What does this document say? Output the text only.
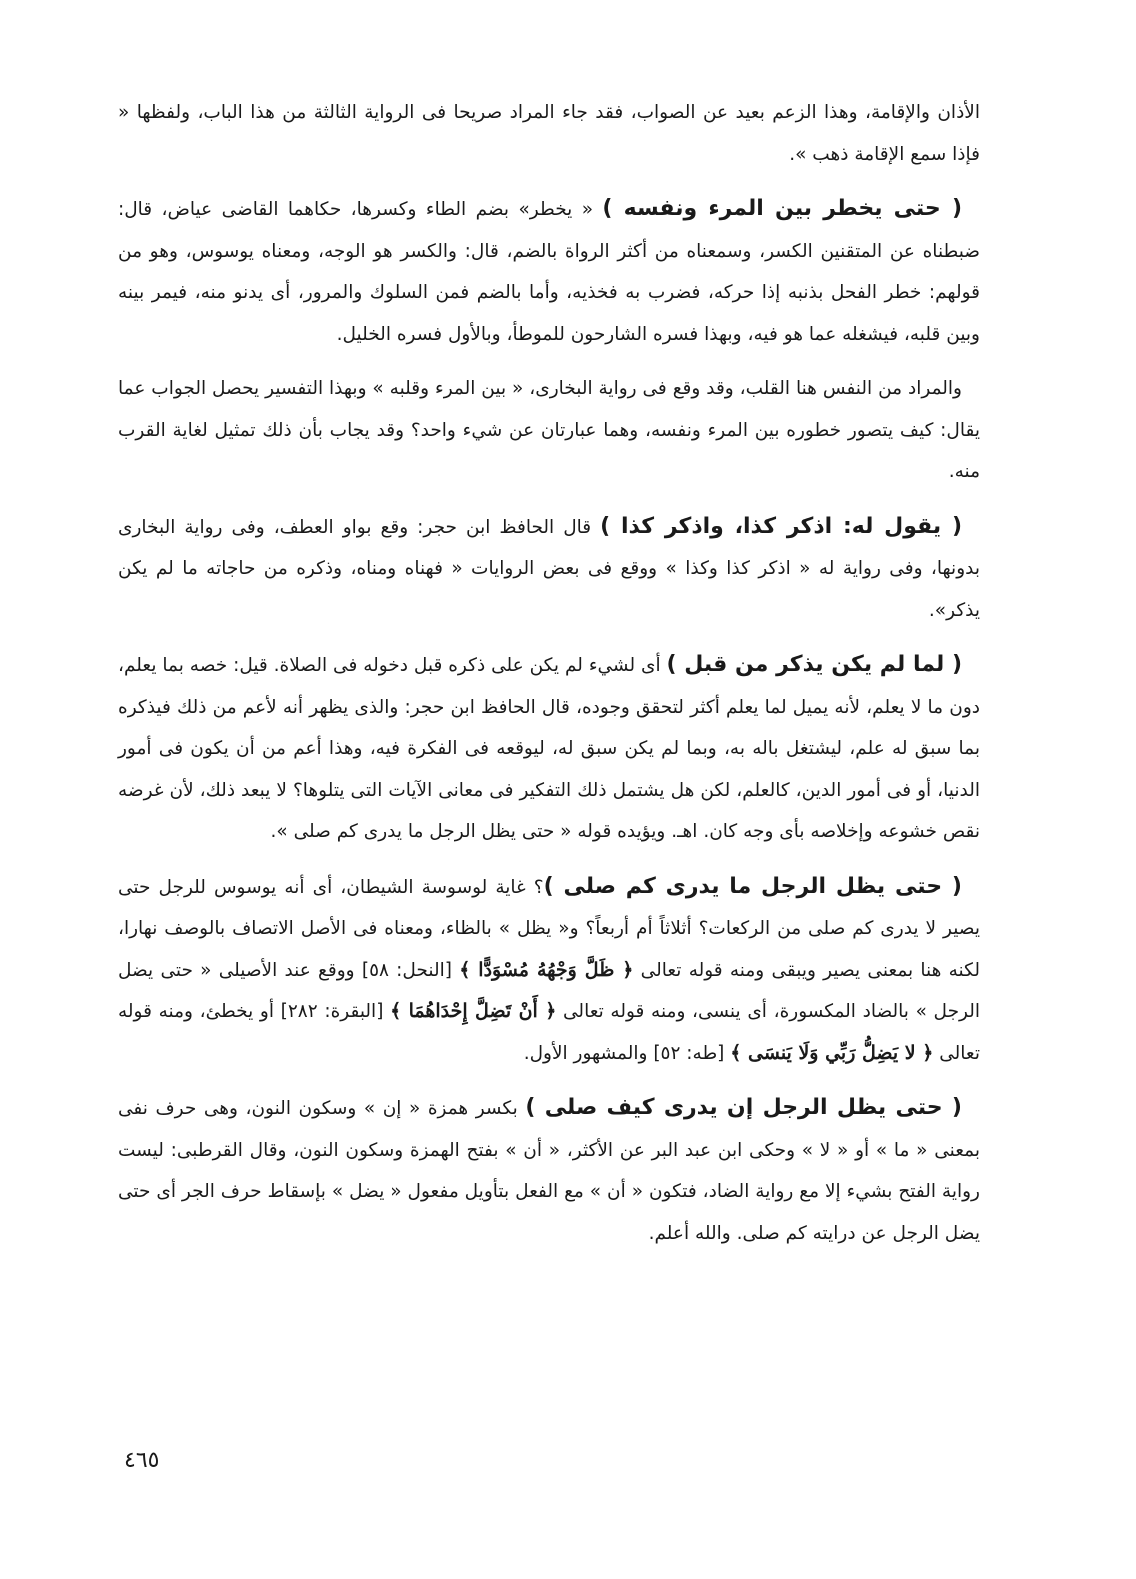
الأذان والإقامة، وهذا الزعم بعيد عن الصواب، فقد جاء المراد صريحا فى الرواية الثالثة من هذا الباب، ولفظها « فإذا سمع الإقامة ذهب ».

( حتى يخطر بين المرء ونفسه ) « يخطر» بضم الطاء وكسرها، حكاهما القاضى عياض، قال: ضبطناه عن المتقنين الكسر، وسمعناه من أكثر الرواة بالضم، قال: والكسر هو الوجه، ومعناه يوسوس، وهو من قولهم: خطر الفحل بذنبه إذا حركه، فضرب به فخذيه، وأما بالضم فمن السلوك والمرور، أى يدنو منه، فيمر بينه وبين قلبه، فيشغله عما هو فيه، وبهذا فسره الشارحون للموطأ، وبالأول فسره الخليل.

والمراد من النفس هنا القلب، وقد وقع فى رواية البخارى، « بين المرء وقلبه » وبهذا التفسير يحصل الجواب عما يقال: كيف يتصور خطوره بين المرء ونفسه، وهما عبارتان عن شيء واحد؟ وقد يجاب بأن ذلك تمثيل لغاية القرب منه.

( يقول له: اذكر كذا، واذكر كذا ) قال الحافظ ابن حجر: وقع بواو العطف، وفى رواية البخارى بدونها، وفى رواية له « اذكر كذا وكذا » ووقع فى بعض الروايات « فهناه ومناه، وذكره من حاجاته ما لم يكن يذكر».

( لما لم يكن يذكر من قبل ) أى لشيء لم يكن على ذكره قبل دخوله فى الصلاة. قيل: خصه بما يعلم، دون ما لا يعلم، لأنه يميل لما يعلم أكثر لتحقق وجوده، قال الحافظ ابن حجر: والذى يظهر أنه لأعم من ذلك فيذكره بما سبق له علم، ليشتغل باله به، وبما لم يكن سبق له، ليوقعه فى الفكرة فيه، وهذا أعم من أن يكون فى أمور الدنيا، أو فى أمور الدين، كالعلم، لكن هل يشتمل ذلك التفكير فى معانى الآيات التى يتلوها؟ لا يبعد ذلك، لأن غرضه نقص خشوعه وإخلاصه بأى وجه كان. اهـ. ويؤيده قوله « حتى يظل الرجل ما يدرى كم صلى ».

( حتى يظل الرجل ما يدرى كم صلى )؟ غاية لوسوسة الشيطان، أى أنه يوسوس للرجل حتى يصير لا يدرى كم صلى من الركعات؟ أثلاثاً أم أربعاً؟ و« يظل » بالظاء، ومعناه فى الأصل الاتصاف بالوصف نهارا، لكنه هنا بمعنى يصير ويبقى ومنه قوله تعالى ﴿ ظَلَّ وَجْهُهُ مُسْوَدًّا ﴾ [النحل: ٥٨] ووقع عند الأصيلى « حتى يضل الرجل » بالضاد المكسورة، أى ينسى، ومنه قوله تعالى ﴿ أَنْ تَضِلَّ إِحْدَاهُمَا ﴾ [البقرة: ٢٨٢] أو يخطئ، ومنه قوله تعالى ﴿ لا يَضِلُّ رَبِّي وَلَا يَنسَى ﴾ [طه: ٥٢] والمشهور الأول.

( حتى يظل الرجل إن يدرى كيف صلى ) بكسر همزة « إن » وسكون النون، وهى حرف نفى بمعنى « ما » أو « لا » وحكى ابن عبد البر عن الأكثر، « أن » بفتح الهمزة وسكون النون، وقال القرطبى: ليست رواية الفتح بشيء إلا مع رواية الضاد، فتكون « أن » مع الفعل بتأويل مفعول « يضل » بإسقاط حرف الجر أى حتى يضل الرجل عن درايته كم صلى. والله أعلم.

٤٦٥
